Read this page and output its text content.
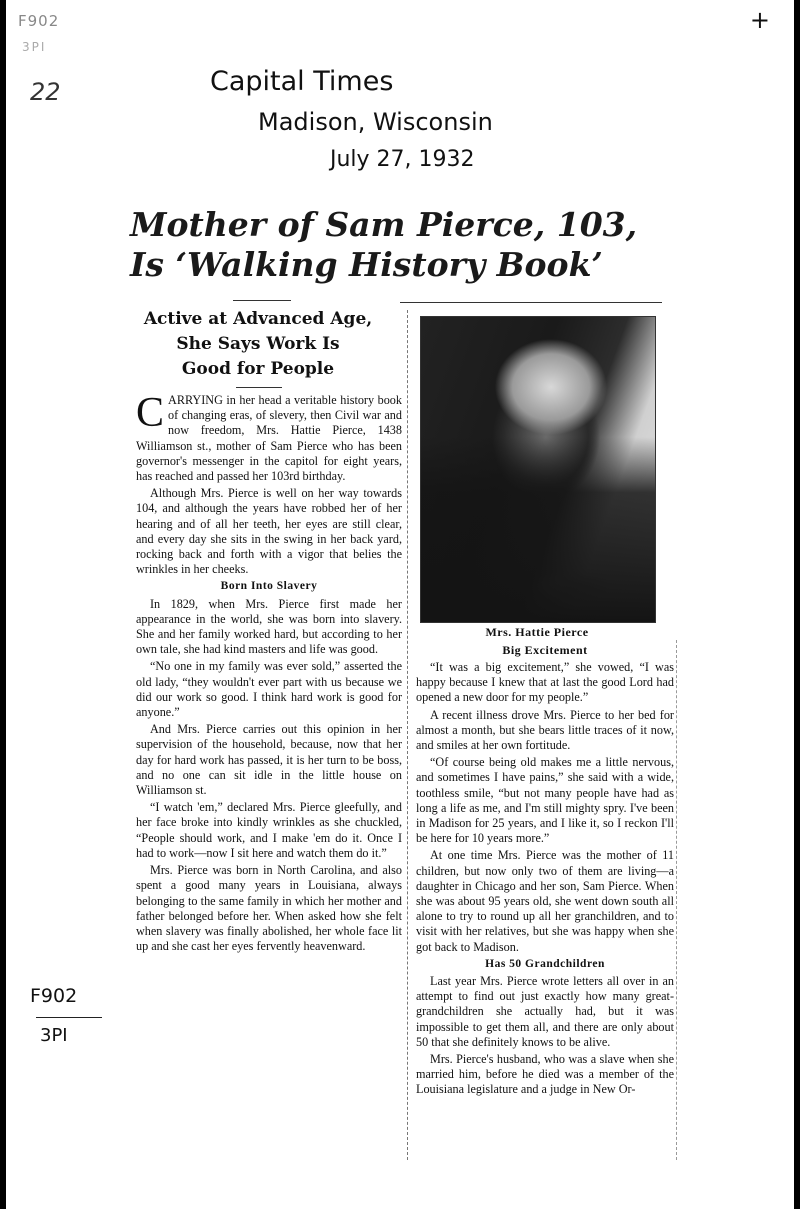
F902
3PI
22
+
Capital Times
Madison, Wisconsin
July 27, 1932
Mother of Sam Pierce, 103,
Is ‘Walking History Book’
Active at Advanced Age,
She Says Work Is
Good for People

CARRYING in her head a veritable history book of changing eras, of slevery, then Civil war and now freedom, Mrs. Hattie Pierce, 1438 Williamson st., mother of Sam Pierce who has been governor's messenger in the capitol for eight years, has reached and passed her 103rd birthday.

Although Mrs. Pierce is well on her way towards 104, and although the years have robbed her of her hearing and of all her teeth, her eyes are still clear, and every day she sits in the swing in her back yard, rocking back and forth with a vigor that belies the wrinkles in her cheeks.

Born Into Slavery

In 1829, when Mrs. Pierce first made her appearance in the world, she was born into slavery. She and her family worked hard, but according to her own tale, she had kind masters and life was good.

“No one in my family was ever sold,” asserted the old lady, “they wouldn't ever part with us because we did our work so good. I think hard work is good for anyone.”

And Mrs. Pierce carries out this opinion in her supervision of the household, because, now that her day for hard work has passed, it is her turn to be boss, and no one can sit idle in the little house on Williamson st.

“I watch 'em,” declared Mrs. Pierce gleefully, and her face broke into kindly wrinkles as she chuckled, “People should work, and I make 'em do it. Once I had to work—now I sit here and watch them do it.”

Mrs. Pierce was born in North Carolina, and also spent a good many years in Louisiana, always belonging to the same family in which her mother and father belonged before her. When asked how she felt when slavery was finally abolished, her whole face lit up and she cast her eyes fervently heavenward.

Mrs. Hattie Pierce
Big Excitement

“It was a big excitement,” she vowed, “I was happy because I knew that at last the good Lord had opened a new door for my people.”

A recent illness drove Mrs. Pierce to her bed for almost a month, but she bears little traces of it now, and smiles at her own fortitude.

“Of course being old makes me a little nervous, and sometimes I have pains,” she said with a wide, toothless smile, “but not many people have had as long a life as me, and I'm still mighty spry. I've been in Madison for 25 years, and I like it, so I reckon I'll be here for 10 years more.”

At one time Mrs. Pierce was the mother of 11 children, but now only two of them are living—a daughter in Chicago and her son, Sam Pierce. When she was about 95 years old, she went down south all alone to try to round up all her granchildren, and to visit with her relatives, but she was happy when she got back to Madison.

Has 50 Grandchildren

Last year Mrs. Pierce wrote letters all over in an attempt to find out just exactly how many great-grandchildren she actually had, but it was impossible to get them all, and there are only about 50 that she definitely knows to be alive.

Mrs. Pierce's husband, who was a slave when she married him, before he died was a member of the Louisiana legislature and a judge in New Or-

F902
3PI
